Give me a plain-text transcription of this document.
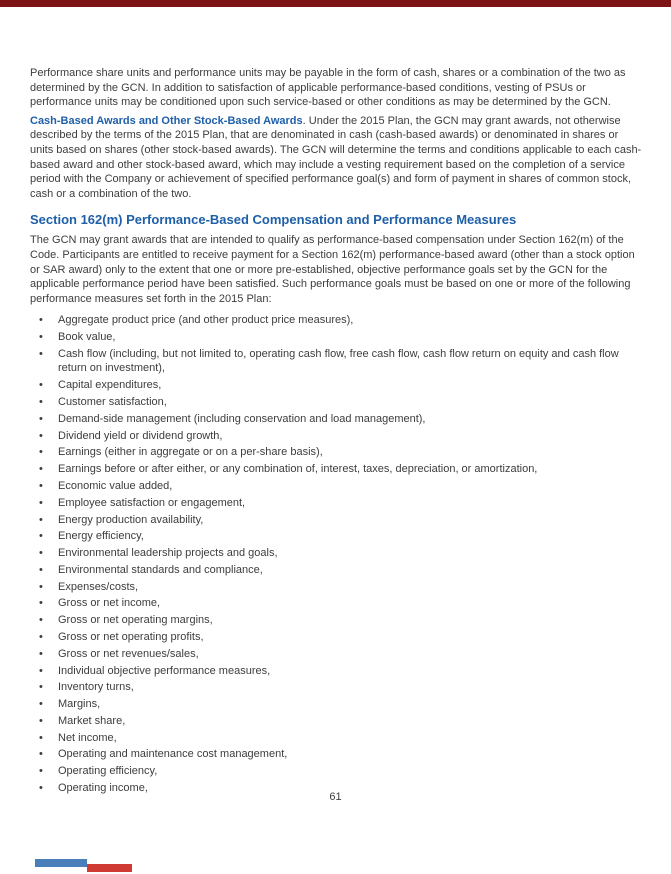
Performance share units and performance units may be payable in the form of cash, shares or a combination of the two as determined by the GCN. In addition to satisfaction of applicable performance-based conditions, vesting of PSUs or performance units may be conditioned upon such service-based or other conditions as may be determined by the GCN.

Cash-Based Awards and Other Stock-Based Awards. Under the 2015 Plan, the GCN may grant awards, not otherwise described by the terms of the 2015 Plan, that are denominated in cash (cash-based awards) or denominated in shares or units based on shares (other stock-based awards). The GCN will determine the terms and conditions applicable to each cash-based award and other stock-based award, which may include a vesting requirement based on the completion of a service period with the Company or achievement of specified performance goal(s) and form of payment in shares of common stock, cash or a combination of the two.

Section 162(m) Performance-Based Compensation and Performance Measures

The GCN may grant awards that are intended to qualify as performance-based compensation under Section 162(m) of the Code. Participants are entitled to receive payment for a Section 162(m) performance-based award (other than a stock option or SAR award) only to the extent that one or more pre-established, objective performance goals set by the GCN for the applicable performance period have been satisfied. Such performance goals must be based on one or more of the following performance measures set forth in the 2015 Plan:

• Aggregate product price (and other product price measures),
• Book value,
• Cash flow (including, but not limited to, operating cash flow, free cash flow, cash flow return on equity and cash flow return on investment),
• Capital expenditures,
• Customer satisfaction,
• Demand-side management (including conservation and load management),
• Dividend yield or dividend growth,
• Earnings (either in aggregate or on a per-share basis),
• Earnings before or after either, or any combination of, interest, taxes, depreciation, or amortization,
• Economic value added,
• Employee satisfaction or engagement,
• Energy production availability,
• Energy efficiency,
• Environmental leadership projects and goals,
• Environmental standards and compliance,
• Expenses/costs,
• Gross or net income,
• Gross or net operating margins,
• Gross or net operating profits,
• Gross or net revenues/sales,
• Individual objective performance measures,
• Inventory turns,
• Margins,
• Market share,
• Net income,
• Operating and maintenance cost management,
• Operating efficiency,
• Operating income,
61
